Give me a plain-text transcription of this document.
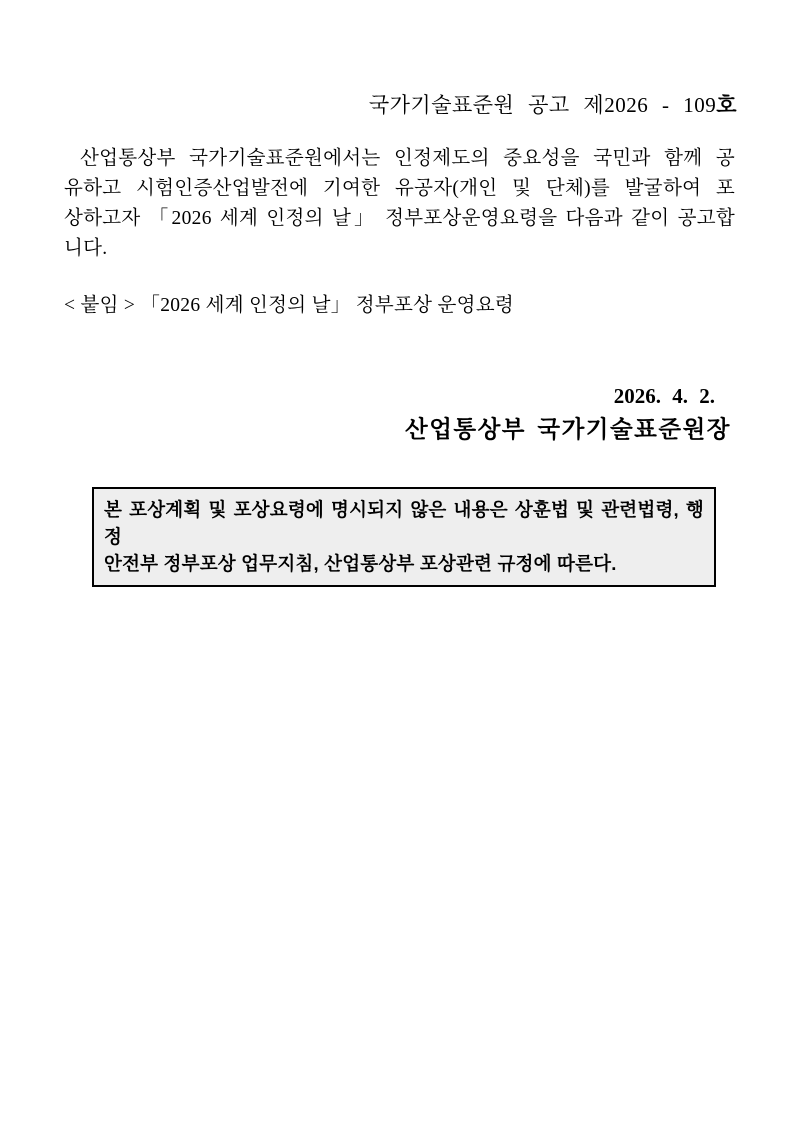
국가기술표준원 공고 제2026 - 109호
산업통상부 국가기술표준원에서는 인정제도의 중요성을 국민과 함께 공
유하고 시험인증산업발전에 기여한 유공자(개인 및 단체)를 발굴하여 포
상하고자 「2026 세계 인정의 날」 정부포상운영요령을 다음과 같이 공고합
니다.
< 붙임 > 「2026 세계 인정의 날」 정부포상 운영요령
2026. 4. 2.
산업통상부 국가기술표준원장
본 포상계획 및 포상요령에 명시되지 않은 내용은 상훈법 및 관련법령, 행정
안전부 정부포상 업무지침, 산업통상부 포상관련 규정에 따른다.
